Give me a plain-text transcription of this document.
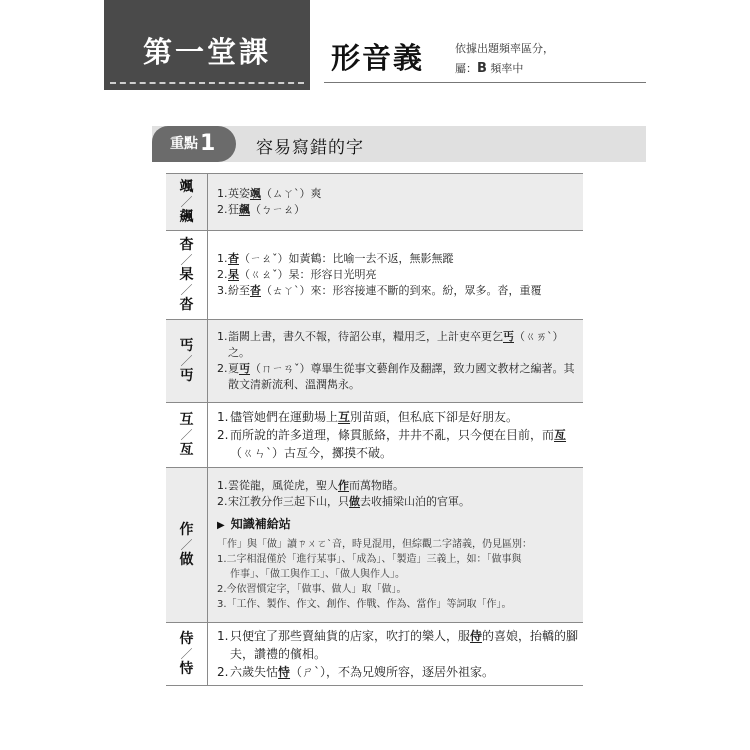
第一堂課	形音義	依據出題頻率區分，
屬：B 頻率中
重點1 容易寫錯的字
颯
／
飆
1. 英姿颯（ㄙㄚˋ）爽
2. 狂飆（ㄅㄧㄠ）
杳
／
杲
／
沓
1. 杳（ㄧㄠˇ）如黃鶴：比喻一去不返，無影無蹤
2. 杲（ㄍㄠˇ）杲：形容日光明亮
3. 紛至沓（ㄊㄚˋ）來：形容接連不斷的到來。紛，眾多。沓，重覆
丐
／
丏
1. 詣闕上書，書久不報，待詔公車，糧用乏，上計吏卒更乞丐（ㄍㄞˋ）之。
2. 夏丏（ㄇㄧㄢˇ）尊畢生從事文藝創作及翻譯，致力國文教材之編著。其散文清新流利、溫潤雋永。
互
／
亙
1. 儘管她們在運動場上互別苗頭，但私底下卻是好朋友。
2. 而所說的許多道理，條貫脈絡，井井不亂，只今便在目前，而亙（ㄍㄣˋ）古亙今，擲摸不破。
作
／
做
1. 雲從龍，風從虎，聖人作而萬物睹。
2. 宋江教分作三起下山，只做去收捕梁山泊的官軍。
▶ 知識補給站
「作」與「做」讀ㄗㄨㄛˋ音，時見混用，但綜觀二字諸義，仍見區別：
1.二字相混僅於「進行某事」、「成為」、「製造」三義上，如：「做事與
作事」、「做工與作工」、「做人與作人」。
2.今依習慣定字，「做事、做人」取「做」。
3.「工作、製作、作文、創作、作戰、作為、當作」等詞取「作」。
侍
／
恃
1. 只便宜了那些賣紬貨的店家，吹打的樂人，服侍的喜娘，抬轎的腳夫，讚禮的儐相。
2. 六歲失怙恃（ㄕˋ），不為兄嫂所容，逐居外祖家。
